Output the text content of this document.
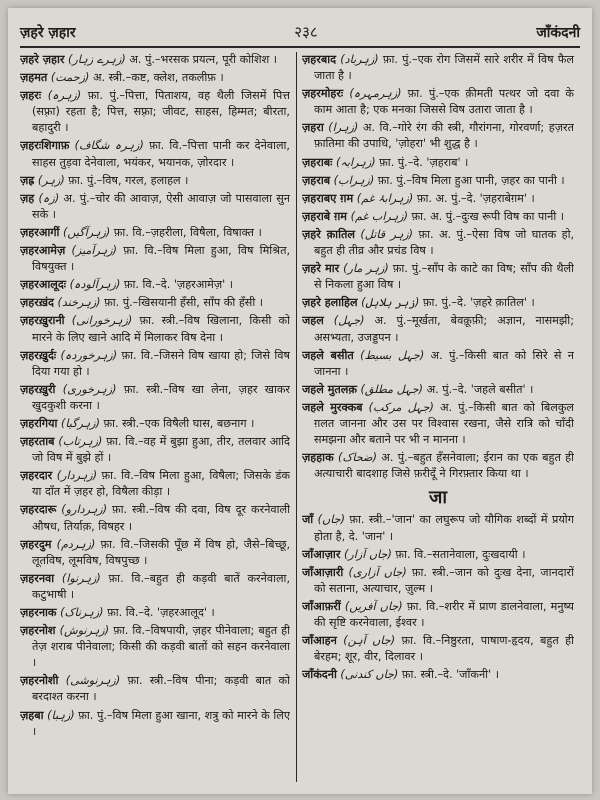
ज़हरे ज़हार	२३८	जाँकंदनी

ज़हरे ज़हार (زہرے زہار) अ. पुं.–भरसक प्रयत्न, पूरी कोशिश ।

ज़हमत (زحمت) अ. स्त्री.–कष्ट, क्लेश, तकलीफ़ ।

ज़हरः (زہرہ) फ़ा. पुं.–पित्ता, पिताशय, वह थैली जिसमें पित्त (सफ़्रा) रहता है; पित्त, सफ़्रा; जीवट, साहस, हिम्मत; बीरता, बहादुरी ।

ज़हरःशिगाफ़ (زہرہ شگاف) फ़ा. वि.–पित्ता पानी कर देनेवाला, साहस तुड़वा देनेवाला, भयंकर, भयानक, ज़ोरदार ।

ज़ह्र (زہر) फ़ा. पुं.–विष, गरल, हलाहल ।

ज़ह (زہ) अ. पुं.–चोर की आवाज़, ऐसी आवाज़ जो पासवाला सुन सके ।

ज़हरआगीं (زہرآگیں) फ़ा. वि.–ज़हरीला, विषैला, विषाक्त ।

ज़हरआमेज़ (زہرآمیز) फ़ा. वि.–विष मिला हुआ, विष मिश्रित, विषयुक्त ।

ज़हरआलूदः (زہرآلودہ) फ़ा. वि.–दे. 'ज़हरआमेज़' ।

ज़हरख़ंद (زہرخند) फ़ा. पुं.–खिसयानी हँसी, साँप की हँसी ।

ज़हरख़ुरानी (زہرخورانی) फ़ा. स्त्री.–विष खिलाना, किसी को मारने के लिए खाने आदि में मिलाकर विष देना ।

ज़हरख़ुर्दः (زہرخوردہ) फ़ा. वि.–जिसने विष खाया हो; जिसे विष दिया गया हो ।

ज़हरख़ुरी (زہرخوری) फ़ा. स्त्री.–विष खा लेना, ज़हर खाकर खुदकुशी करना ।

ज़हरगिया (زہرگیا) फ़ा. स्त्री.–एक विषैली घास, बछनाग ।

ज़हरताब (زہرتاب) फ़ा. वि.–वह में बुझा हुआ, तीर, तलवार आदि जो विष में बुझे हों ।

ज़हरदार (زہردار) फ़ा. वि.–विष मिला हुआ, विषैला; जिसके डंक या दाँत में ज़हर हो, विषैला कीड़ा ।

ज़हरदारू (زہردارو) फ़ा. स्त्री.–विष की दवा, विष दूर करनेवाली औषध, तिर्याक़, विषहर ।

ज़हरदुम (زہردم) फ़ा. वि.–जिसकी पूँछ में विष हो, जैसे–बिच्छू, लूतविष, लूमविष, विषपुच्छ ।

ज़हरनवा (زہرنوا) फ़ा. वि.–बहुत ही कड़वी बातें करनेवाला, कटुभाषी ।

ज़हरनाक (زہرناک) फ़ा. वि.–दे. 'ज़हरआलूद' ।

ज़हरनोश (زہرنوش) फ़ा. वि.–विषपायी, ज़हर पीनेवाला; बहुत ही तेज़ शराब पीनेवाला; किसी की कड़वी बातों को सहन करनेवाला ।

ज़हरनोशी (زہرنوشی) फ़ा. स्त्री.–विष पीना; कड़वी बात को बरदाश्त करना ।

ज़हबा (زہبا) फ़ा. पुं.–विष मिला हुआ खाना, शत्रु को मारने के लिए ।

ज़हरबाद (زہرباد) फ़ा. पुं.–एक रोग जिसमें सारे शरीर में विष फैल जाता है ।

ज़हरमोहरः (زہرمہرہ) फ़ा. पुं.–एक क़ीमती पत्थर जो दवा के काम आता है; एक मनका जिससे विष उतारा जाता है ।

ज़हरा (زہرا) अ. वि.–गोरे रंग की स्त्री, गौरांगना, गोरवर्णा; हज़रत फ़ातिमा की उपाधि, 'ज़ोहरा' भी शुद्ध है ।

ज़हराबः (زہرابہ) फ़ा. पुं.–दे. 'ज़हराब' ।

ज़हराब (زہراب) फ़ा. पुं.–विष मिला हुआ पानी, ज़हर का पानी ।

ज़हराबए ग़म (زہرابۂ غم) फ़ा. अ. पुं.–दे. 'ज़हराबेग़म' ।

ज़हराबे ग़म (زہراب غم) फ़ा. अ. पुं.–दुःख रूपी विष का पानी ।

ज़हरे क़ातिल (زہر قاتل) फ़ा. अ. पुं.–ऐसा विष जो घातक हो, बहुत ही तीव्र और प्रचंड विष ।

ज़हरे मार (زہر مار) फ़ा. पुं.–साँप के काटे का विष; साँप की थैली से निकला हुआ विष ।

ज़हरे हलाहिल (زہر ہلاہل) फ़ा. पुं.–दे. 'ज़हरे क़ातिल' ।

जहल (جہل) अ. पुं.–मूर्खता, बेवक़ूफ़ी; अज्ञान, नासमझी; असभ्यता, उजड्डपन ।

जहले बसीत (جہل بسیط) अ. पुं.–किसी बात को सिरे से न जानना ।

जहले मुतलक़ (جہل مطلق) अ. पुं.–दे. 'जहले बसीत' ।

जहले मुरक्कब (جہل مرکب) अ. पुं.–किसी बात को बिलकुल ग़लत जानना और उस पर विश्वास रखना, जैसे रात्रि को चाँदी समझना और बताने पर भी न मानना ।

ज़हहाक (ضحاک) अ. पुं.–बहुत हँसनेवाला; ईरान का एक बहुत ही अत्याचारी बादशाह जिसे फ़रीदूँ ने गिरफ़्तार किया था ।

जा

जाँ (جاں) फ़ा. स्त्री.–'जान' का लघुरूप जो यौगिक शब्दों में प्रयोग होता है, दे. 'जान' ।

जाँआज़ार (جاں آزار) फ़ा. वि.–सतानेवाला, दुःखदायी ।

जाँआज़ारी (جاں آزاری) फ़ा. स्त्री.–जान को दुःख देना, जानदारों को सताना, अत्याचार, ज़ुल्म ।

जाँआफ़रीं (جاں آفریں) फ़ा. वि.–शरीर में प्राण डालनेवाला, मनुष्य की सृष्टि करनेवाला, ईश्वर ।

जाँआहन (جاں آہن) फ़ा. वि.–निष्ठुरता, पाषाण-हृदय, बहुत ही बेरहम; शूर, वीर, दिलावर ।

जाँकंदनी (جاں کندنی) फ़ा. स्त्री.–दे. 'जाँकनी' ।
